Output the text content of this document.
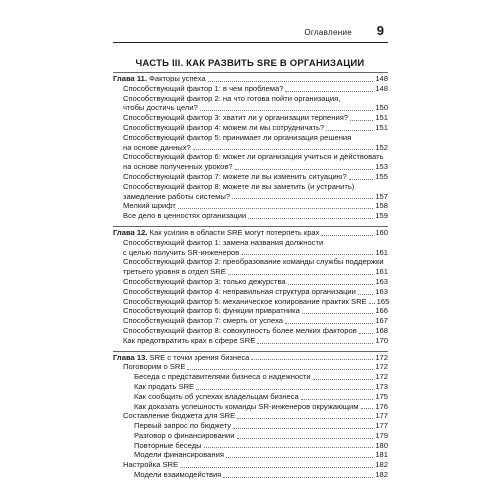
Оглавление 9
ЧАСТЬ III. КАК РАЗВИТЬ SRE В ОРГАНИЗАЦИИ
Глава 11. Факторы успеха	148
Способствующий фактор 1: в чем проблема?	148
Способствующий фактор 2: на что готова пойти организация,
чтобы достичь цели?	150
Способствующий фактор 3: хватит ли у организации терпения?	151
Способствующий фактор 4: можем ли мы сотрудничать?	151
Способствующий фактор 5: принимает ли организация решения
на основе данных?	152
Способствующий фактор 6: может ли организация учиться и действовать
на основе полученных уроков?	153
Способствующий фактор 7: можете ли вы изменить ситуацию?	155
Способствующий фактор 8: можете ли вы заметить (и устранить)
замедление работы системы?	157
Мелкий шрифт	158
Все дело в ценностях организации	159
Глава 12. Как усилия в области SRE могут потерпеть крах	160
Способствующий фактор 1: замена названия должности
с целью получить SR-инженеров	161
Способствующий фактор 2: преобразование команды службы поддержки
третьего уровня в отдел SRE	161
Способствующий фактор 3: только дежурства	163
Способствующий фактор 4: неправильная структура организации	163
Способствующий фактор 5: механическое копирование практик SRE 165
Способствующий фактор 6: функции привратника	166
Способствующий фактор 7: смерть от успеха	167
Способствующий фактор 8: совокупность более мелких факторов 168
Как предотвратить крах в сфере SRE	170
Глава 13. SRE с точки зрения бизнеса	172
Поговорим о SRE	172
Беседа с представителями бизнеса о надежности	172
Как продать SRE	173
Как сообщить об успехах владельцам бизнеса	175
Как доказать успешность команды SR-инженеров окружающим 176
Составление бюджета для SRE	177
Первый запрос по бюджету	177
Разговор о финансировании	179
Повторные беседы	180
Модели финансирования	181
Настройка SRE	182
Модели взаимодействия	182
